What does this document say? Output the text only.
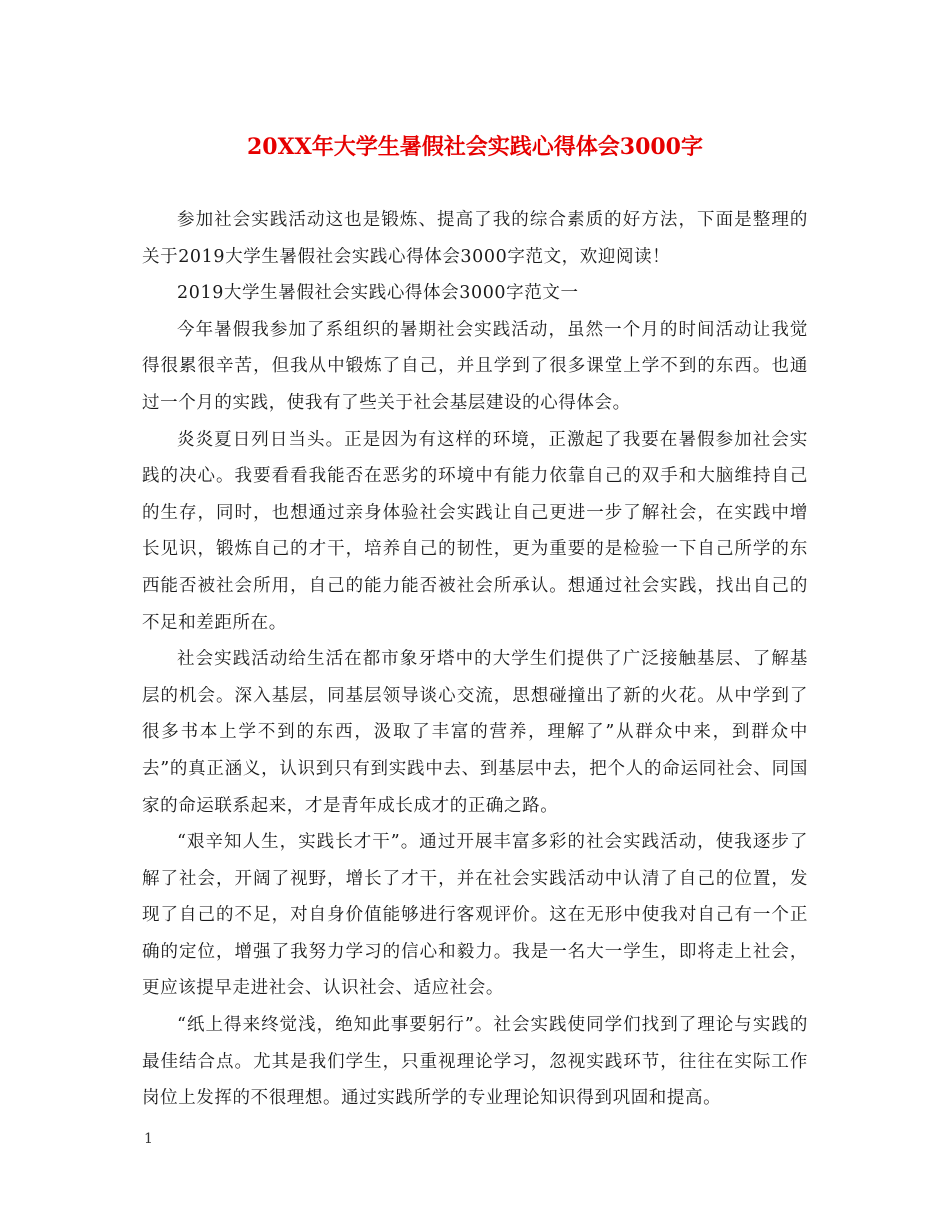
20XX年大学生暑假社会实践心得体会3000字

参加社会实践活动这也是锻炼、提高了我的综合素质的好方法，下面是整理的关于2019大学生暑假社会实践心得体会3000字范文，欢迎阅读！

2019大学生暑假社会实践心得体会3000字范文一

今年暑假我参加了系组织的暑期社会实践活动，虽然一个月的时间活动让我觉得很累很辛苦，但我从中锻炼了自己，并且学到了很多课堂上学不到的东西。也通过一个月的实践，使我有了些关于社会基层建设的心得体会。

炎炎夏日列日当头。正是因为有这样的环境，正激起了我要在暑假参加社会实践的决心。我要看看我能否在恶劣的环境中有能力依靠自己的双手和大脑维持自己的生存，同时，也想通过亲身体验社会实践让自己更进一步了解社会，在实践中增长见识，锻炼自己的才干，培养自己的韧性，更为重要的是检验一下自己所学的东西能否被社会所用，自己的能力能否被社会所承认。想通过社会实践，找出自己的不足和差距所在。

社会实践活动给生活在都市象牙塔中的大学生们提供了广泛接触基层、了解基层的机会。深入基层，同基层领导谈心交流，思想碰撞出了新的火花。从中学到了很多书本上学不到的东西，汲取了丰富的营养，理解了”从群众中来，到群众中去”的真正涵义，认识到只有到实践中去、到基层中去，把个人的命运同社会、同国家的命运联系起来，才是青年成长成才的正确之路。

“艰辛知人生，实践长才干”。通过开展丰富多彩的社会实践活动，使我逐步了解了社会，开阔了视野，增长了才干，并在社会实践活动中认清了自己的位置，发现了自己的不足，对自身价值能够进行客观评价。这在无形中使我对自己有一个正确的定位，增强了我努力学习的信心和毅力。我是一名大一学生，即将走上社会，更应该提早走进社会、认识社会、适应社会。

“纸上得来终觉浅，绝知此事要躬行”。社会实践使同学们找到了理论与实践的最佳结合点。尤其是我们学生，只重视理论学习，忽视实践环节，往往在实际工作岗位上发挥的不很理想。通过实践所学的专业理论知识得到巩固和提高。

1
